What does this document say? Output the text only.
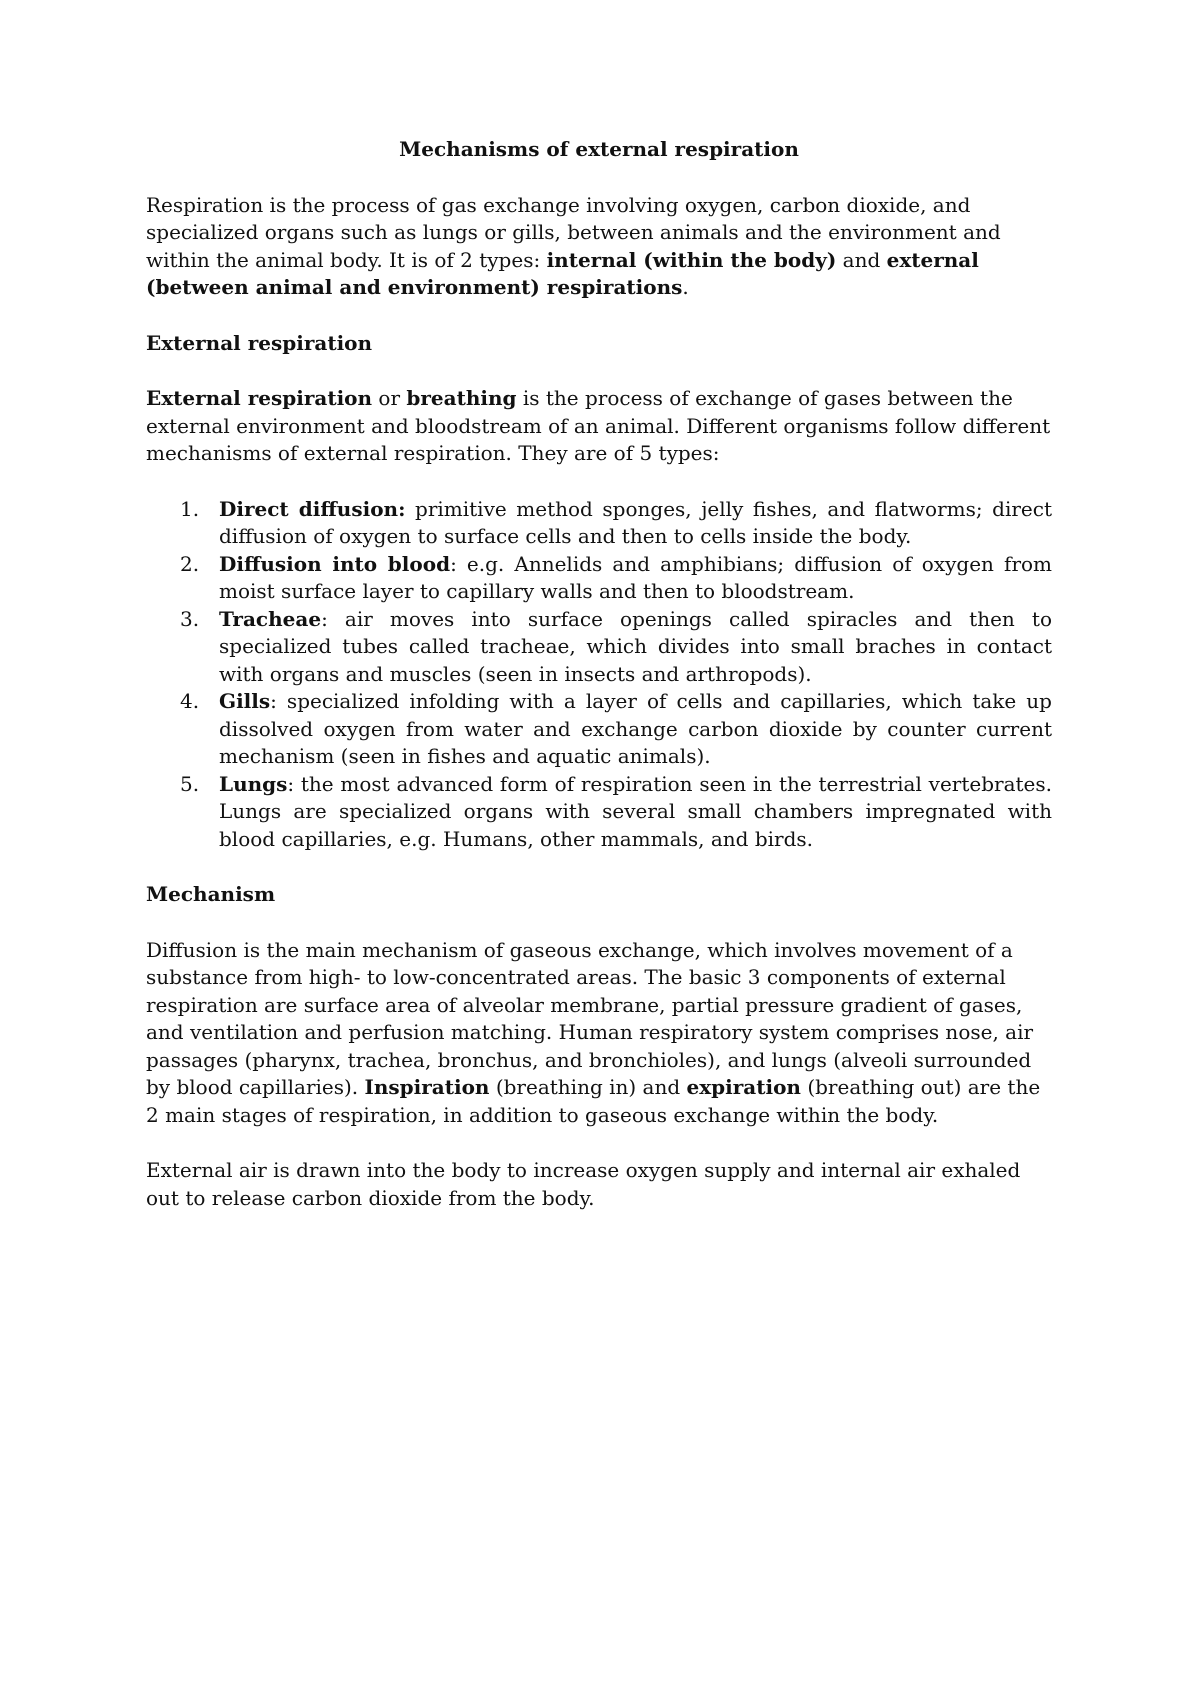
Mechanisms of external respiration

Respiration is the process of gas exchange involving oxygen, carbon dioxide, and specialized organs such as lungs or gills, between animals and the environment and within the animal body. It is of 2 types: internal (within the body) and external (between animal and environment) respirations.

External respiration

External respiration or breathing is the process of exchange of gases between the external environment and bloodstream of an animal. Different organisms follow different mechanisms of external respiration. They are of 5 types:

1. Direct diffusion: primitive method sponges, jelly fishes, and flatworms; direct diffusion of oxygen to surface cells and then to cells inside the body.
2. Diffusion into blood: e.g. Annelids and amphibians; diffusion of oxygen from moist surface layer to capillary walls and then to bloodstream.
3. Tracheae: air moves into surface openings called spiracles and then to specialized tubes called tracheae, which divides into small braches in contact with organs and muscles (seen in insects and arthropods).
4. Gills: specialized infolding with a layer of cells and capillaries, which take up dissolved oxygen from water and exchange carbon dioxide by counter current mechanism (seen in fishes and aquatic animals).
5. Lungs: the most advanced form of respiration seen in the terrestrial vertebrates. Lungs are specialized organs with several small chambers impregnated with blood capillaries, e.g. Humans, other mammals, and birds.
Mechanism

Diffusion is the main mechanism of gaseous exchange, which involves movement of a substance from high- to low-concentrated areas. The basic 3 components of external respiration are surface area of alveolar membrane, partial pressure gradient of gases, and ventilation and perfusion matching. Human respiratory system comprises nose, air passages (pharynx, trachea, bronchus, and bronchioles), and lungs (alveoli surrounded by blood capillaries). Inspiration (breathing in) and expiration (breathing out) are the 2 main stages of respiration, in addition to gaseous exchange within the body.

External air is drawn into the body to increase oxygen supply and internal air exhaled out to release carbon dioxide from the body.
